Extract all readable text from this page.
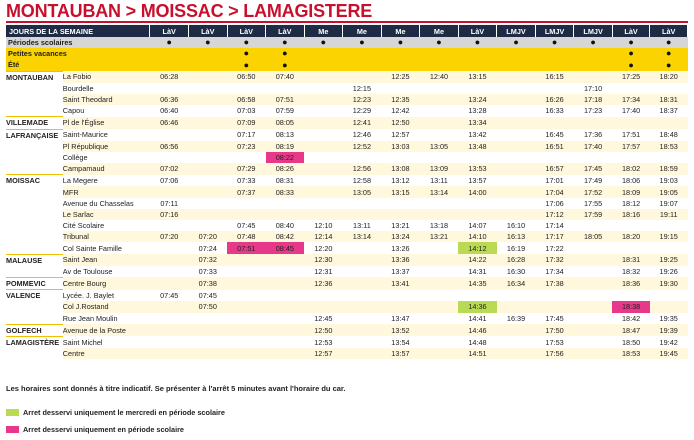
MONTAUBAN > MOISSAC > LAMAGISTERE
JOURS DE LA SEMAINE		LàV	LàV	LàV	LàV	Me	Me	Me	Me	LàV	LMJV	LMJV	LMJV	LàV	LàV
Périodes scolaires		●	●	●	●	●	●	●	●	●	●	●	●	●	●
Petites vacances				●	●									●	●
Été				●	●									●	●
MONTAUBAN	La Fobio	06:28		06:50	07:40			12:25	12:40	13:15		16:15		17:25	18:20
	Bourdelle						12:15						17:10		
	Saint Theodard	06:36		06:58	07:51		12:23	12:35		13:24		16:26	17:18	17:34	18:31
	Capou	06:40		07:03	07:59		12:29	12:42		13:28		16:33	17:23	17:40	18:37
VILLEMADE	Pl de l'Église	06:46		07:09	08:05		12:41	12:50		13:34					
LAFRANÇAISE	Saint-Maurice			07:17	08:13		12:46	12:57		13:42		16:45	17:36	17:51	18:48
	Pl République	06:56		07:23	08:19		12:52	13:03	13:05	13:48		16:51	17:40	17:57	18:53
	Collège				08:22										
	Campamaud	07:02		07:29	08:26		12:56	13:08	13:09	13:53		16:57	17:45	18:02	18:59
MOISSAC	La Megere	07:06		07:33	08:31		12:58	13:12	13:11	13:57		17:01	17:49	18:06	19:03
	MFR			07:37	08:33		13:05	13:15	13:14	14:00		17:04	17:52	18:09	19:05
	Avenue du Chasselas	07:11										17:06	17:55	18:12	19:07
	Le Sarlac	07:16										17:12	17:59	18:16	19:11
	Cité Scolaire			07:45	08:40	12:10	13:11	13:21	13:18	14:07	16:10	17:14			
	Tribunal	07:20	07:20	07:48	08:42	12:14	13:14	13:24	13:21	14:10	16:13	17:17	18:05	18:20	19:15
	Col Sainte Famille		07:24	07:51	08:45	12:20		13:26		14:12	16:19	17:22			
MALAUSE	Saint Jean		07:32			12:30		13:36		14:22	16:28	17:32		18:31	19:25
	Av de Toulouse		07:33			12:31		13:37		14:31	16:30	17:34		18:32	19:26
POMMEVIC	Centre Bourg		07:38			12:36		13:41		14:35	16:34	17:38		18:36	19:30
VALENCE	Lycée. J. Baylet	07:45	07:45												
	Col J.Rostand		07:50							14:36				18:38	
	Rue Jean Moulin					12:45		13:47		14:41	16:39	17:45		18:42	19:35
GOLFECH	Avenue de la Poste					12:50		13:52		14:46		17:50		18:47	19:39
LAMAGISTÈRE	Saint Michel					12:53		13:54		14:48		17:53		18:50	19:42
	Centre					12:57		13:57		14:51		17:56		18:53	19:45
Les horaires sont donnés à titre indicatif. Se présenter à l'arrêt 5 minutes avant l'horaire du car.
Arret desservi uniquement le mercredi en période scolaire
Arret desservi uniquement en période scolaire
